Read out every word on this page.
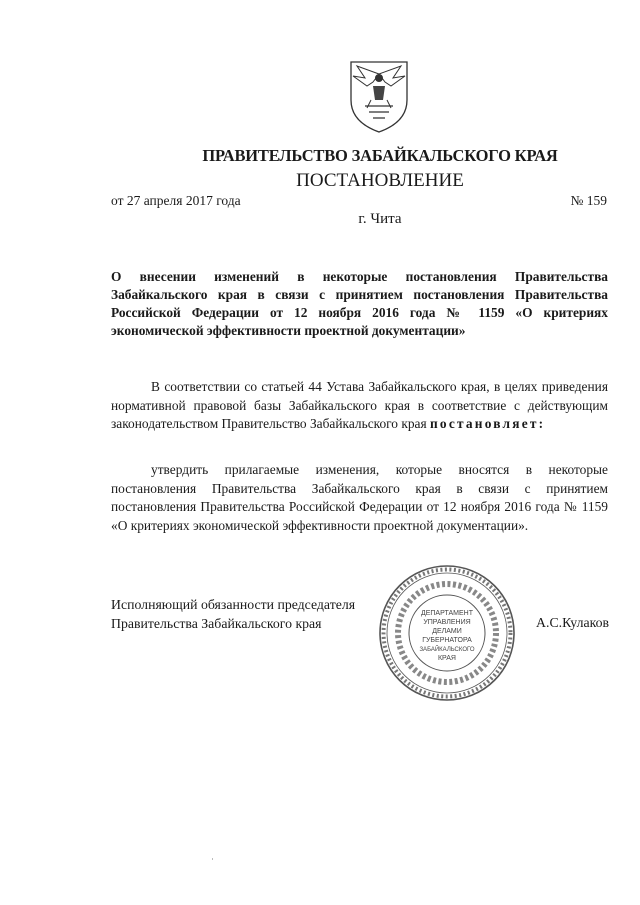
ПРАВИТЕЛЬСТВО ЗАБАЙКАЛЬСКОГО КРАЯ
ПОСТАНОВЛЕНИЕ
от 27 апреля 2017 года	№ 159
г. Чита
О внесении изменений в некоторые постановления Правительства Забайкальского края в связи с принятием постановления Правительства Российской Федерации от 12 ноября 2016 года № 1159 «О критериях экономической эффективности проектной документации»
В соответствии со статьей 44 Устава Забайкальского края, в целях приведения нормативной правовой базы Забайкальского края в соответствие с действующим законодательством Правительство Забайкальского края постановляет:
утвердить прилагаемые изменения, которые вносятся в некоторые постановления Правительства Забайкальского края в связи с принятием постановления Правительства Российской Федерации от 12 ноября 2016 года № 1159 «О критериях экономической эффективности проектной документации».
Исполняющий обязанности председателя
Правительства Забайкальского края
ДЕПАРТАМЕНТ
УПРАВЛЕНИЯ
ДЕЛАМИ
ГУБЕРНАТОРА
ЗАБАЙКАЛЬСКОГО
КРАЯ
А.С.Кулаков
